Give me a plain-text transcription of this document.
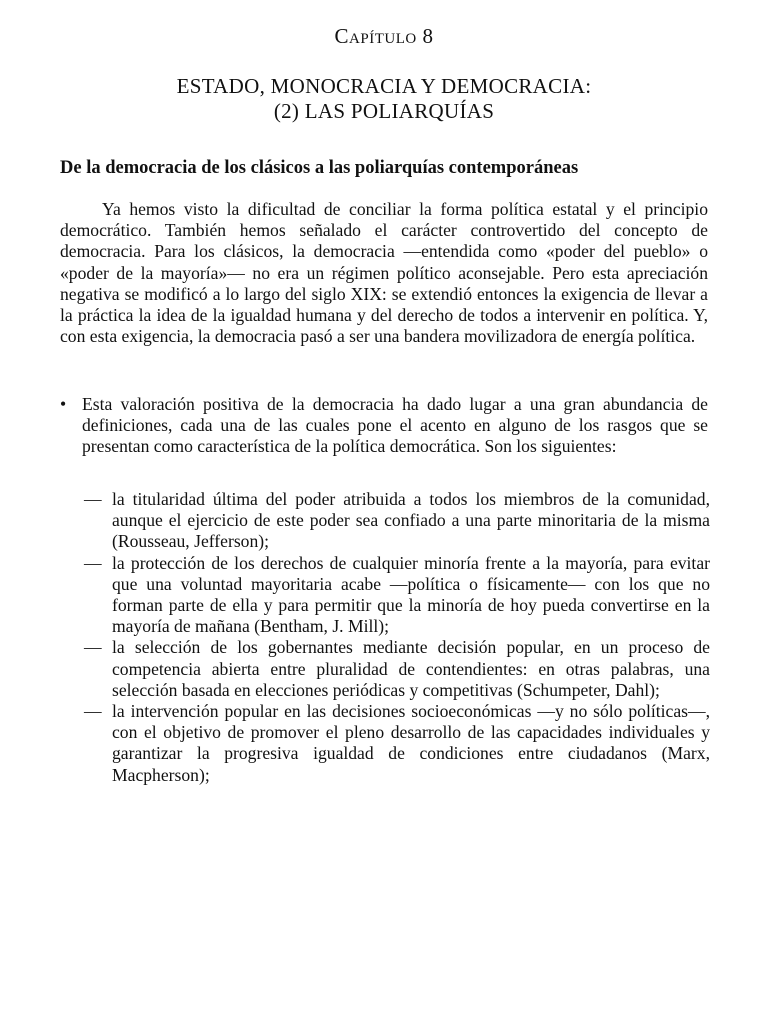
Capítulo 8
ESTADO, MONOCRACIA Y DEMOCRACIA:
(2) LAS POLIARQUÍAS
De la democracia de los clásicos a las poliarquías contemporáneas

Ya hemos visto la dificultad de conciliar la forma política estatal y el principio democrático. También hemos señalado el carácter controvertido del concepto de democracia. Para los clásicos, la democracia —entendida como «poder del pueblo» o «poder de la mayoría»— no era un régimen político aconsejable. Pero esta apreciación negativa se modificó a lo largo del siglo XIX: se extendió entonces la exigencia de llevar a la práctica la idea de la igualdad humana y del derecho de todos a intervenir en política. Y, con esta exigencia, la democracia pasó a ser una bandera movilizadora de energía política.

• Esta valoración positiva de la democracia ha dado lugar a una gran abundancia de definiciones, cada una de las cuales pone el acento en alguno de los rasgos que se presentan como característica de la política democrática. Son los siguientes:
— la titularidad última del poder atribuida a todos los miembros de la comunidad, aunque el ejercicio de este poder sea confiado a una parte minoritaria de la misma (Rousseau, Jefferson);
— la protección de los derechos de cualquier minoría frente a la mayoría, para evitar que una voluntad mayoritaria acabe —política o físicamente— con los que no forman parte de ella y para permitir que la minoría de hoy pueda convertirse en la mayoría de mañana (Bentham, J. Mill);
— la selección de los gobernantes mediante decisión popular, en un proceso de competencia abierta entre pluralidad de contendientes: en otras palabras, una selección basada en elecciones periódicas y competitivas (Schumpeter, Dahl);
— la intervención popular en las decisiones socioeconómicas —y no sólo políticas—, con el objetivo de promover el pleno desarrollo de las capacidades individuales y garantizar la progresiva igualdad de condiciones entre ciudadanos (Marx, Macpherson);
